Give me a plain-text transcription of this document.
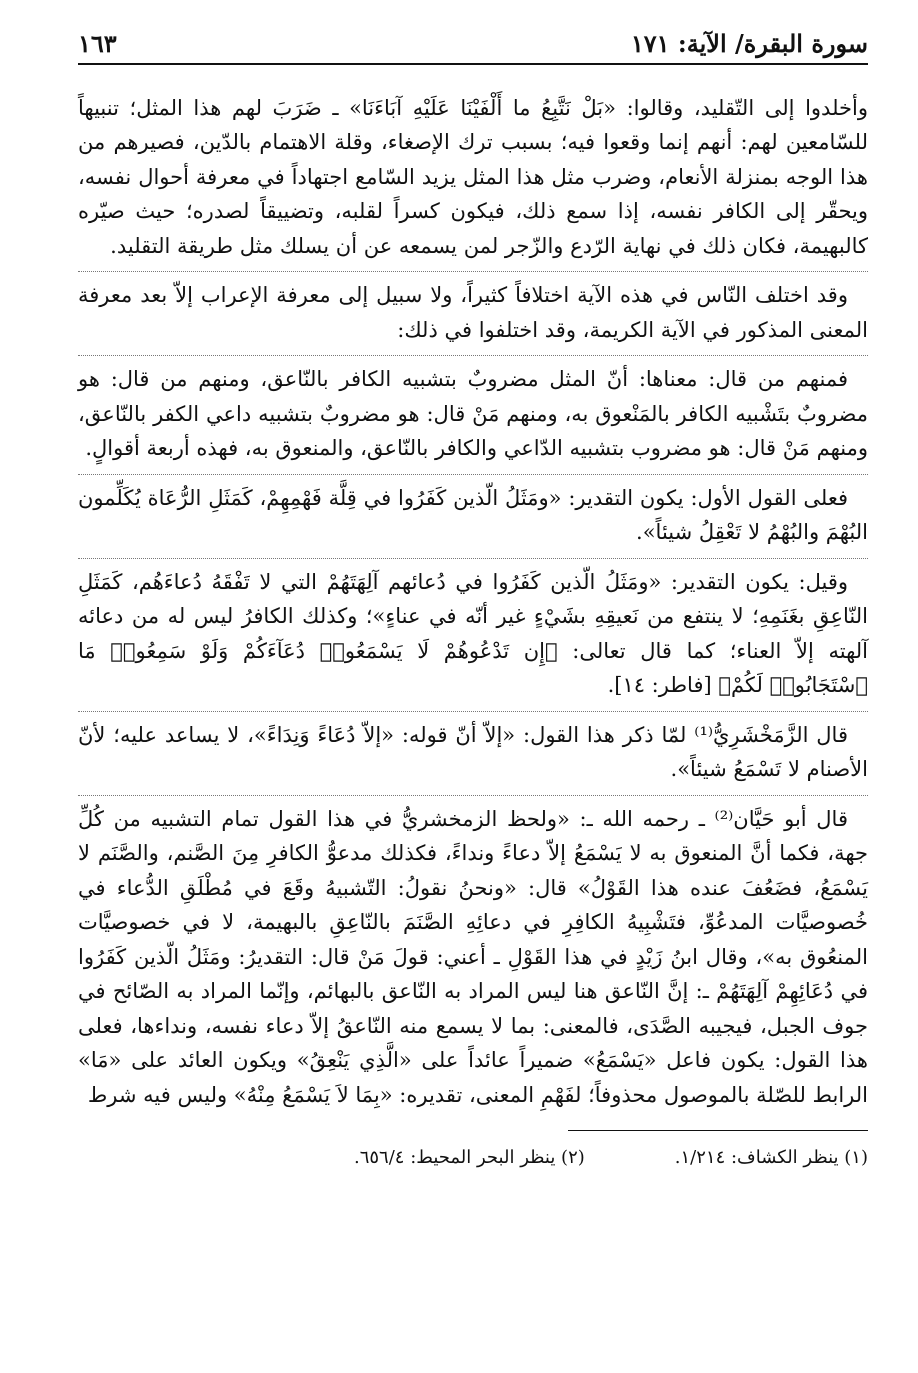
سورة البقرة/ الآية: ١٧١
١٦٣

وأخلدوا إلى التّقليد، وقالوا: «بَلْ نَتَّبِعُ ما أَلْفَيْنَا عَلَيْهِ آبَاءَنَا» ـ ضَرَبَ لهم هذا المثل؛ تنبيهاً للسّامعين لهم: أنهم إنما وقعوا فيه؛ بسبب ترك الإصغاء، وقلة الاهتمام بالدّين، فصيرهم من هذا الوجه بمنزلة الأنعام، وضرب مثل هذا المثل يزيد السّامع اجتهاداً في معرفة أحوال نفسه، ويحقّر إلى الكافر نفسه، إذا سمع ذلك، فيكون كسراً لقلبه، وتضييقاً لصدره؛ حيث صيّره كالبهيمة، فكان ذلك في نهاية الرّدع والزّجر لمن يسمعه عن أن يسلك مثل طريقة التقليد.

وقد اختلف النّاس في هذه الآية اختلافاً كثيراً، ولا سبيل إلى معرفة الإعراب إلاّ بعد معرفة المعنى المذكور في الآية الكريمة، وقد اختلفوا في ذلك:

فمنهم من قال: معناها: أنّ المثل مضروبٌ بتشبيه الكافر بالنّاعق، ومنهم من قال: هو مضروبٌ بتَشْبيه الكافر بالمَنْعوق به، ومنهم مَنْ قال: هو مضروبٌ بتشبيه داعي الكفر بالنّاعق، ومنهم مَنْ قال: هو مضروب بتشبيه الدّاعي والكافر بالنّاعق، والمنعوق به، فهذه أربعة أقوالٍ.

فعلى القول الأول: يكون التقدير: «ومَثَلُ الّذين كَفَرُوا في قِلَّة فَهْمِهِمْ، كَمَثَلِ الرُّعَاة يُكَلِّمون البُهْمَ والبُهْمُ لا تَعْقِلُ شيئاً».

وقيل: يكون التقدير: «ومَثَلُ الّذين كَفَرُوا في دُعائهم آلِهَتَهُمْ التي لا تَفْقَهُ دُعاءَهُم، كَمَثَلِ النّاعِقِ بغَنَمِهِ؛ لا ينتفع من نَعيقِهِ بشَيْءٍ غير أنّه في عناءٍ»؛ وكذلك الكافرُ ليس له من دعائه آلهته إلاّ العناء؛ كما قال تعالى: ﴿إِن تَدْعُوهُمْ لَا يَسْمَعُوا۟ دُعَآءَكُمْ وَلَوْ سَمِعُوا۟ مَا ٱسْتَجَابُوا۟ لَكُمْ﴾ [فاطر: ١٤].

قال الزَّمَخْشَرِيُّ⁽¹⁾ لمّا ذكر هذا القول: «إلاّ أنّ قوله: «إلاّ دُعَاءً وَنِدَاءً»، لا يساعد عليه؛ لأنّ الأصنام لا تَسْمَعُ شيئاً».

قال أبو حَيَّان⁽²⁾ ـ رحمه الله ـ: «ولحظ الزمخشريُّ في هذا القول تمام التشبيه من كُلِّ جهة، فكما أنَّ المنعوق به لا يَسْمَعُ إلاّ دعاءً ونداءً، فكذلك مدعوُّ الكافرِ مِنَ الصَّنم، والصَّنَم لا يَسْمَعُ، فضَعُفَ عنده هذا القَوْلُ» قال: «ونحنُ نقولُ: التّشبيهُ وقَعَ في مُطْلَقِ الدُّعاء في خُصوصيَّات المدعُوِّ، فتَشْبِيهُ الكافِرِ في دعائِهِ الصَّنَمَ بالنّاعِقِ بالبهيمة، لا في خصوصيَّات المنعُوق به»، وقال ابنُ زَيْدٍ في هذا القَوْلِ ـ أعني: قولَ مَنْ قال: التقديرُ: ومَثَلُ الّذين كَفَرُوا في دُعَائِهِمْ آلِهَتَهُمْ ـ: إنَّ النّاعق هنا ليس المراد به النّاعق بالبهائم، وإنّما المراد به الصّائح في جوف الجبل، فيجيبه الصَّدَى، فالمعنى: بما لا يسمع منه النّاعقُ إلاّ دعاء نفسه، ونداءها، فعلى هذا القول: يكون فاعل «يَسْمَعُ» ضميراً عائداً على «الَّذِي يَنْعِقُ» ويكون العائد على «مَا» الرابط للصّلة بالموصول محذوفاً؛ لفَهْمِ المعنى، تقديره: «بِمَا لاَ يَسْمَعُ مِنْهُ» وليس فيه شرط

(١) ينظر الكشاف: ١/٢١٤.
(٢) ينظر البحر المحيط: ٦٥٦/٤.
